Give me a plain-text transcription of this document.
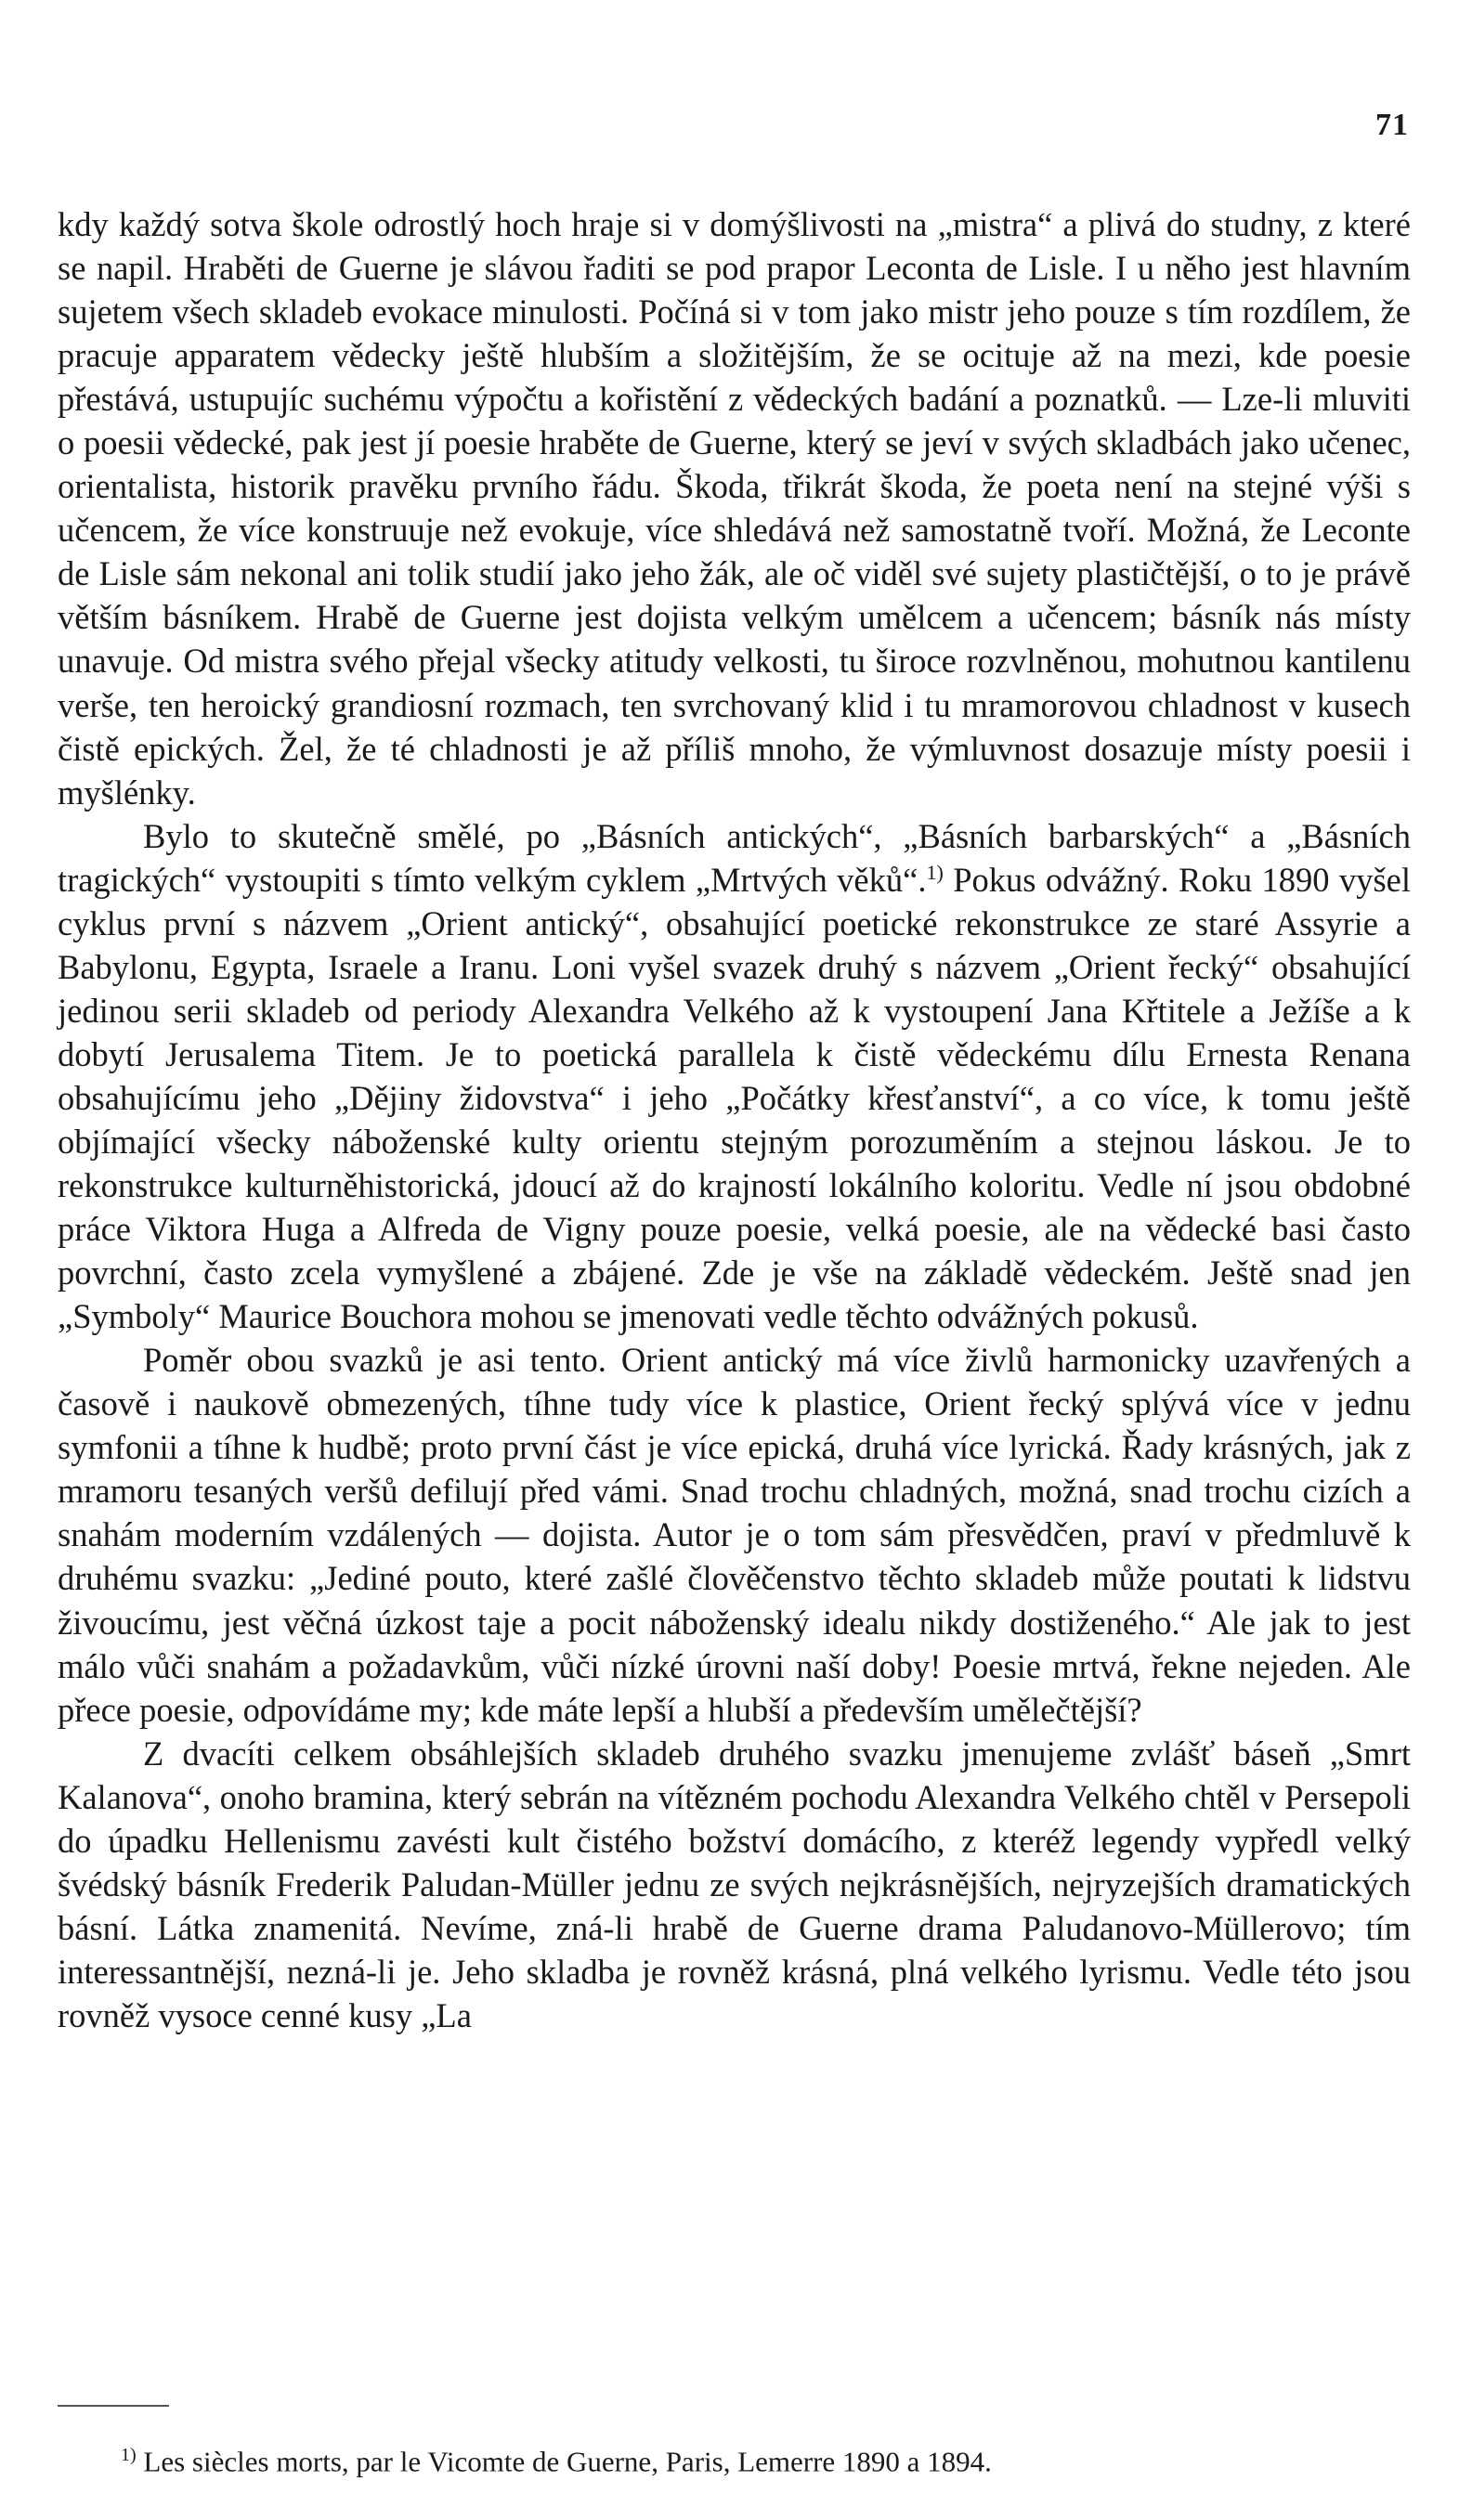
71

kdy každý sotva škole odrostlý hoch hraje si v domýšlivosti na „mistra“ a plivá do studny, z které se napil. Hraběti de Guerne je slávou řaditi se pod prapor Leconta de Lisle. I u něho jest hlavním sujetem všech skladeb evokace minulosti. Počíná si v tom jako mistr jeho pouze s tím rozdílem, že pracuje apparatem vědecky ještě hlubším a složitějším, že se ocituje až na mezi, kde poesie přestává, ustupujíc suchému výpočtu a kořistění z vědeckých badání a poznatků. — Lze-li mluviti o poesii vědecké, pak jest jí poesie hraběte de Guerne, který se jeví v svých skladbách jako učenec, orientalista, historik pravěku prvního řádu. Škoda, třikrát škoda, že poeta není na stejné výši s učencem, že více konstruuje než evokuje, více shledává než samostatně tvoří. Možná, že Leconte de Lisle sám nekonal ani tolik studií jako jeho žák, ale oč viděl své sujety plastičtější, o to je právě větším básníkem. Hrabě de Guerne jest dojista velkým umělcem a učencem; básník nás místy unavuje. Od mistra svého přejal všecky atitudy velkosti, tu široce rozvlněnou, mohutnou kantilenu verše, ten heroický grandiosní rozmach, ten svrchovaný klid i tu mramorovou chladnost v kusech čistě epických. Žel, že té chladnosti je až příliš mnoho, že výmluvnost dosazuje místy poesii i myšlénky.

Bylo to skutečně smělé, po „Básních antických“, „Básních barbarských“ a „Básních tragických“ vystoupiti s tímto velkým cyklem „Mrtvých věků“.$^{1)}$ Pokus odvážný. Roku 1890 vyšel cyklus první s názvem „Orient antický“, obsahující poetické rekonstrukce ze staré Assyrie a Babylonu, Egypta, Israele a Iranu. Loni vyšel svazek druhý s názvem „Orient řecký“ obsahující jedinou serii skladeb od periody Alexandra Velkého až k vystoupení Jana Křtitele a Ježíše a k dobytí Jerusalema Titem. Je to poetická parallela k čistě vědeckému dílu Ernesta Renana obsahujícímu jeho „Dějiny židovstva“ i jeho „Počátky křesťanství“, a co více, k tomu ještě objímající všecky náboženské kulty orientu stejným porozuměním a stejnou láskou. Je to rekonstrukce kulturněhistorická, jdoucí až do krajností lokálního koloritu. Vedle ní jsou obdobné práce Viktora Huga a Alfreda de Vigny pouze poesie, velká poesie, ale na vědecké basi často povrchní, často zcela vymyšlené a zbájené. Zde je vše na základě vědeckém. Ještě snad jen „Symboly“ Maurice Bouchora mohou se jmenovati vedle těchto odvážných pokusů.

Poměr obou svazků je asi tento. Orient antický má více živlů harmonicky uzavřených a časově i naukově obmezených, tíhne tudy více k plastice, Orient řecký splývá více v jednu symfonii a tíhne k hudbě; proto první část je více epická, druhá více lyrická. Řady krásných, jak z mramoru tesaných veršů defilují před vámi. Snad trochu chladných, možná, snad trochu cizích a snahám moderním vzdálených — dojista. Autor je o tom sám přesvědčen, praví v předmluvě k druhému svazku: „Jediné pouto, které zašlé člověčenstvo těchto skladeb může poutati k lidstvu živoucímu, jest věčná úzkost taje a pocit náboženský idealu nikdy dostiženého.“ Ale jak to jest málo vůči snahám a požadavkům, vůči nízké úrovni naší doby! Poesie mrtvá, řekne nejeden. Ale přece poesie, odpovídáme my; kde máte lepší a hlubší a především umělečtější?

Z dvacíti celkem obsáhlejších skladeb druhého svazku jmenujeme zvlášť báseň „Smrt Kalanova“, onoho bramina, který sebrán na vítězném pochodu Alexandra Velkého chtěl v Persepoli do úpadku Hellenismu zavésti kult čistého božství domácího, z kteréž legendy vypředl velký švédský básník Frederik Paludan-Müller jednu ze svých nejkrásnějších, nejryzejších dramatických básní. Látka znamenitá. Nevíme, zná-li hrabě de Guerne drama Paludanovo-Müllerovo; tím interessantnější, nezná-li je. Jeho skladba je rovněž krásná, plná velkého lyrismu. Vedle této jsou rovněž vysoce cenné kusy „La

$^{1)}$ Les siècles morts, par le Vicomte de Guerne, Paris, Lemerre 1890 a 1894.
